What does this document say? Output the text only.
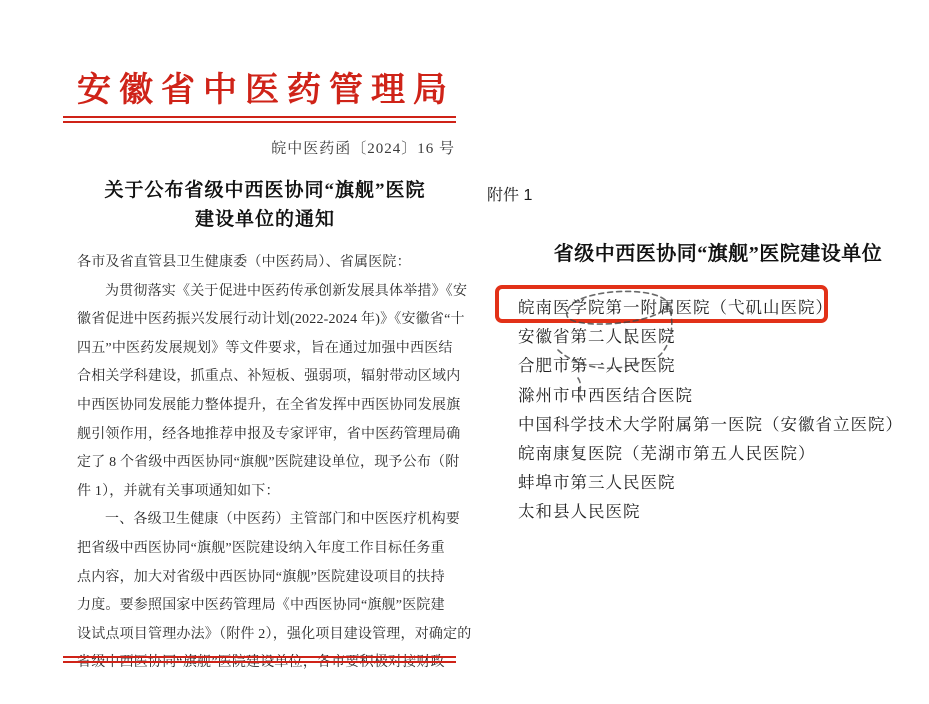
安徽省中医药管理局
皖中医药函〔2024〕16 号
关于公布省级中西医协同“旗舰”医院
建设单位的通知
各市及省直管县卫生健康委（中医药局）、省属医院：
为贯彻落实《关于促进中医药传承创新发展具体举措》《安
徽省促进中医药振兴发展行动计划(2022-2024 年)》《安徽省“十
四五”中医药发展规划》等文件要求，旨在通过加强中西医结
合相关学科建设，抓重点、补短板、强弱项，辐射带动区域内
中西医协同发展能力整体提升，在全省发挥中西医协同发展旗
舰引领作用，经各地推荐申报及专家评审，省中医药管理局确
定了 8 个省级中西医协同“旗舰”医院建设单位，现予公布（附
件 1），并就有关事项通知如下：
一、各级卫生健康（中医药）主管部门和中医医疗机构要
把省级中西医协同“旗舰”医院建设纳入年度工作目标任务重
点内容，加大对省级中西医协同“旗舰”医院建设项目的扶持
力度。要参照国家中医药管理局《中西医协同“旗舰”医院建
设试点项目管理办法》（附件 2），强化项目建设管理，对确定的
省级中西医协同“旗舰”医院建设单位，各市要积极对接财政
附件 1
省级中西医协同“旗舰”医院建设单位
皖南医学院第一附属医院（弋矶山医院）
安徽省第二人民医院
合肥市第一人民医院
滁州市中西医结合医院
中国科学技术大学附属第一医院（安徽省立医院）
皖南康复医院（芜湖市第五人民医院）
蚌埠市第三人民医院
太和县人民医院
